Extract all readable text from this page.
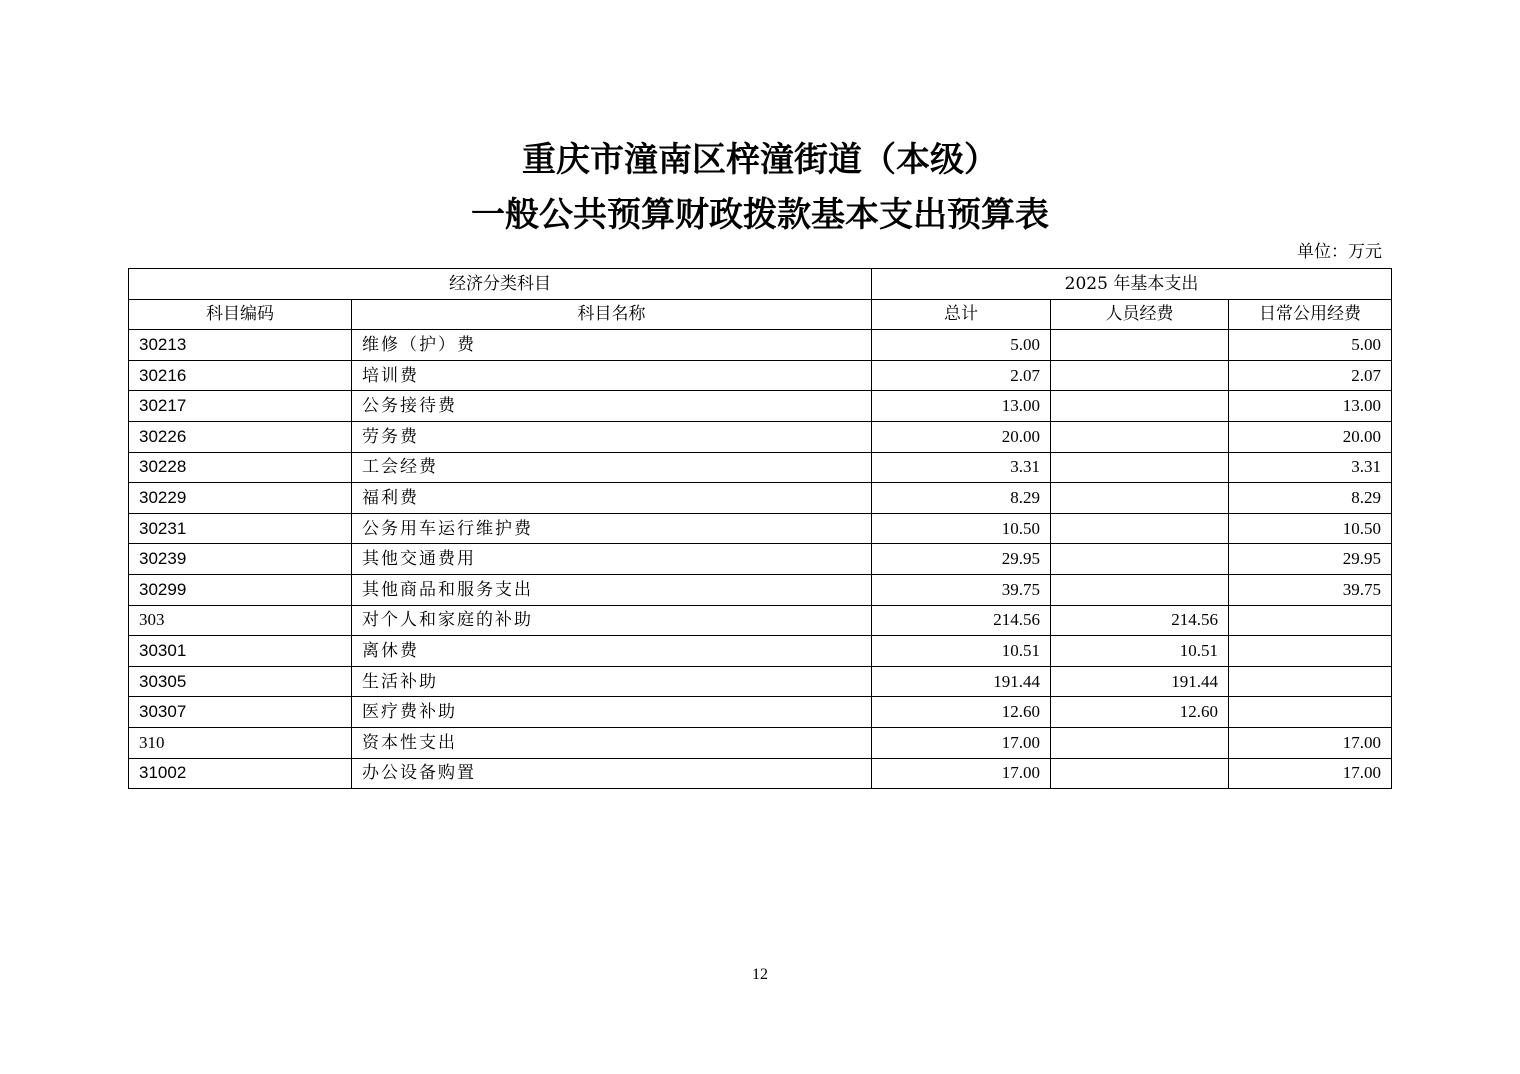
重庆市潼南区梓潼街道（本级）
一般公共预算财政拨款基本支出预算表
单位：万元
经济分类科目		2025 年基本支出		
科目编码	科目名称	总计	人员经费	日常公用经费
30213	维修（护）费	5.00		5.00
30216	培训费	2.07		2.07
30217	公务接待费	13.00		13.00
30226	劳务费	20.00		20.00
30228	工会经费	3.31		3.31
30229	福利费	8.29		8.29
30231	公务用车运行维护费	10.50		10.50
30239	其他交通费用	29.95		29.95
30299	其他商品和服务支出	39.75		39.75
303	对个人和家庭的补助	214.56	214.56	
30301	离休费	10.51	10.51	
30305	生活补助	191.44	191.44	
30307	医疗费补助	12.60	12.60	
310	资本性支出	17.00		17.00
31002	办公设备购置	17.00		17.00
12
